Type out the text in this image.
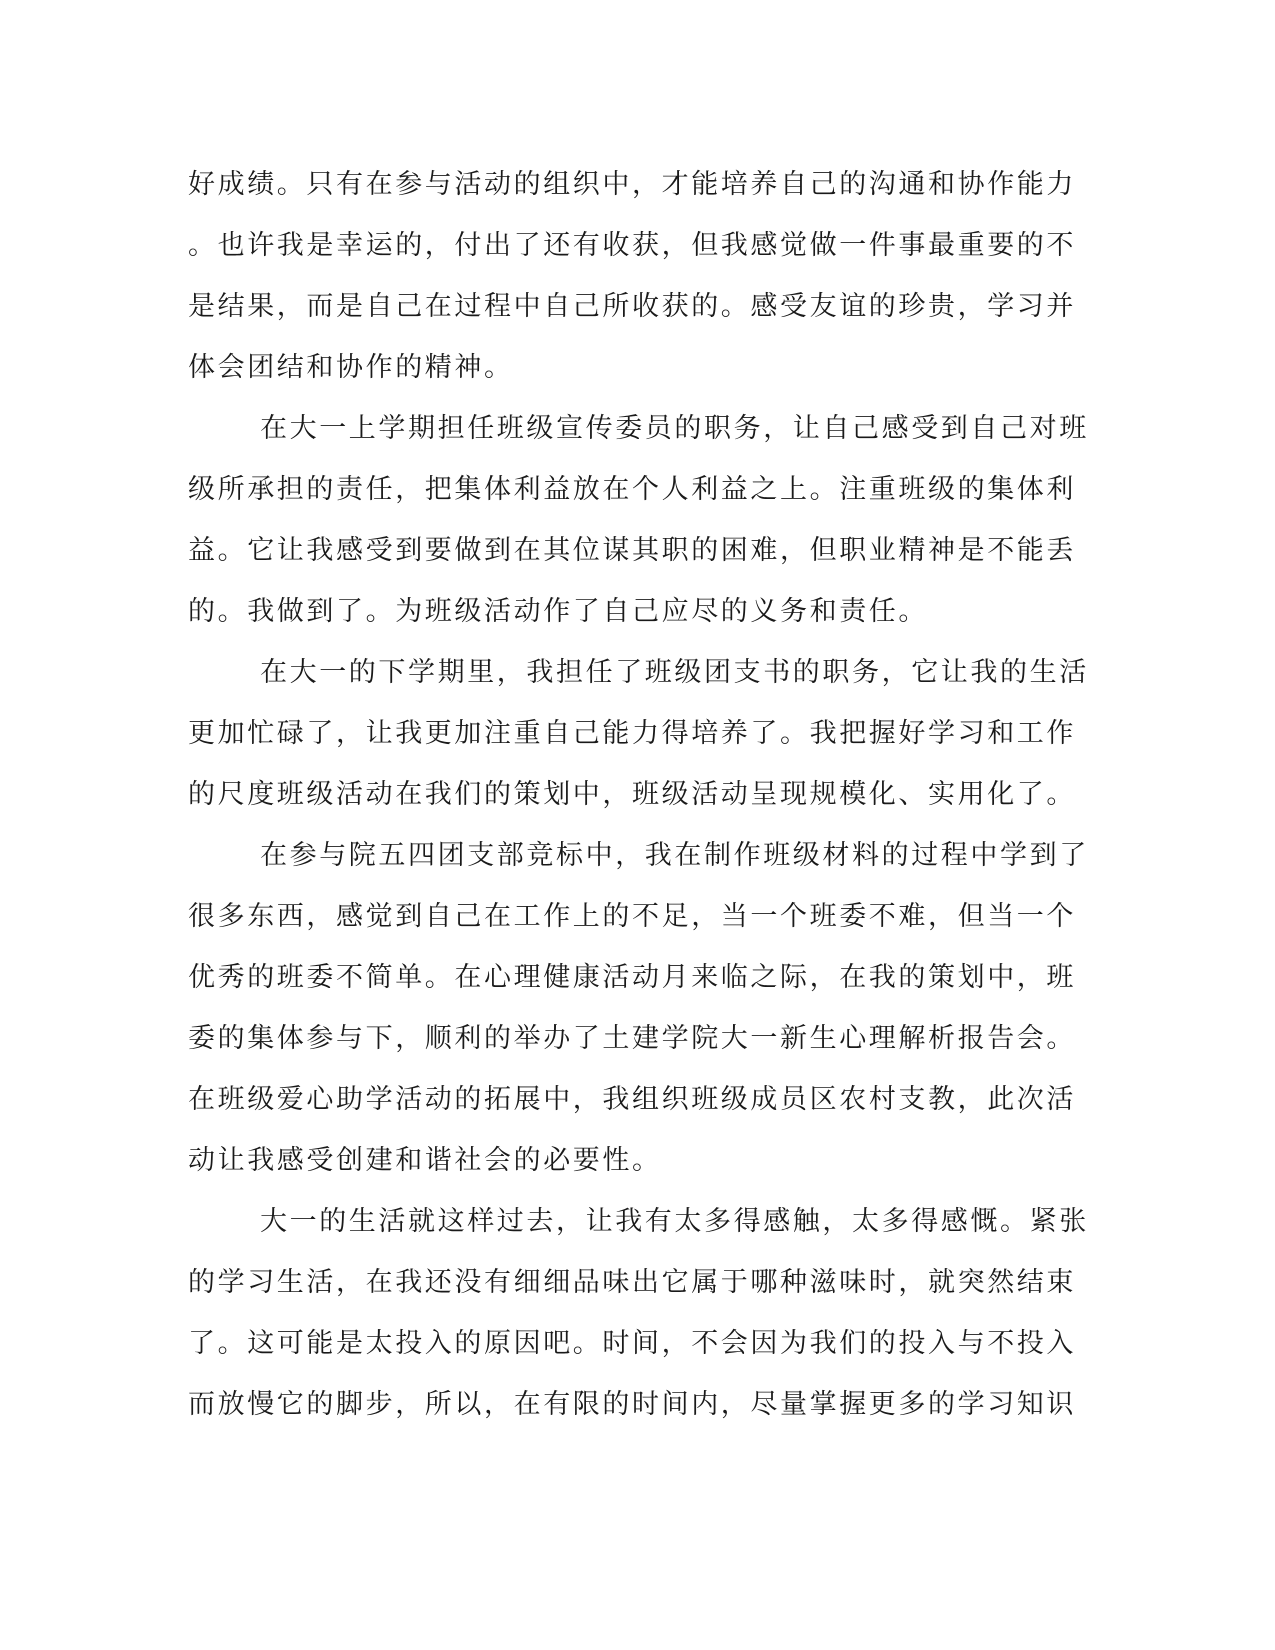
好成绩。只有在参与活动的组织中，才能培养自己的沟通和协作能力
。也许我是幸运的，付出了还有收获，但我感觉做一件事最重要的不
是结果，而是自己在过程中自己所收获的。感受友谊的珍贵，学习并
体会团结和协作的精神。
在大一上学期担任班级宣传委员的职务，让自己感受到自己对班
级所承担的责任，把集体利益放在个人利益之上。注重班级的集体利
益。它让我感受到要做到在其位谋其职的困难，但职业精神是不能丢
的。我做到了。为班级活动作了自己应尽的义务和责任。
在大一的下学期里，我担任了班级团支书的职务，它让我的生活
更加忙碌了，让我更加注重自己能力得培养了。我把握好学习和工作
的尺度班级活动在我们的策划中，班级活动呈现规模化、实用化了。
在参与院五四团支部竞标中，我在制作班级材料的过程中学到了
很多东西，感觉到自己在工作上的不足，当一个班委不难，但当一个
优秀的班委不简单。在心理健康活动月来临之际，在我的策划中，班
委的集体参与下，顺利的举办了土建学院大一新生心理解析报告会。
在班级爱心助学活动的拓展中，我组织班级成员区农村支教，此次活
动让我感受创建和谐社会的必要性。
大一的生活就这样过去，让我有太多得感触，太多得感慨。紧张
的学习生活，在我还没有细细品味出它属于哪种滋味时，就突然结束
了。这可能是太投入的原因吧。时间，不会因为我们的投入与不投入
而放慢它的脚步，所以，在有限的时间内，尽量掌握更多的学习知识
